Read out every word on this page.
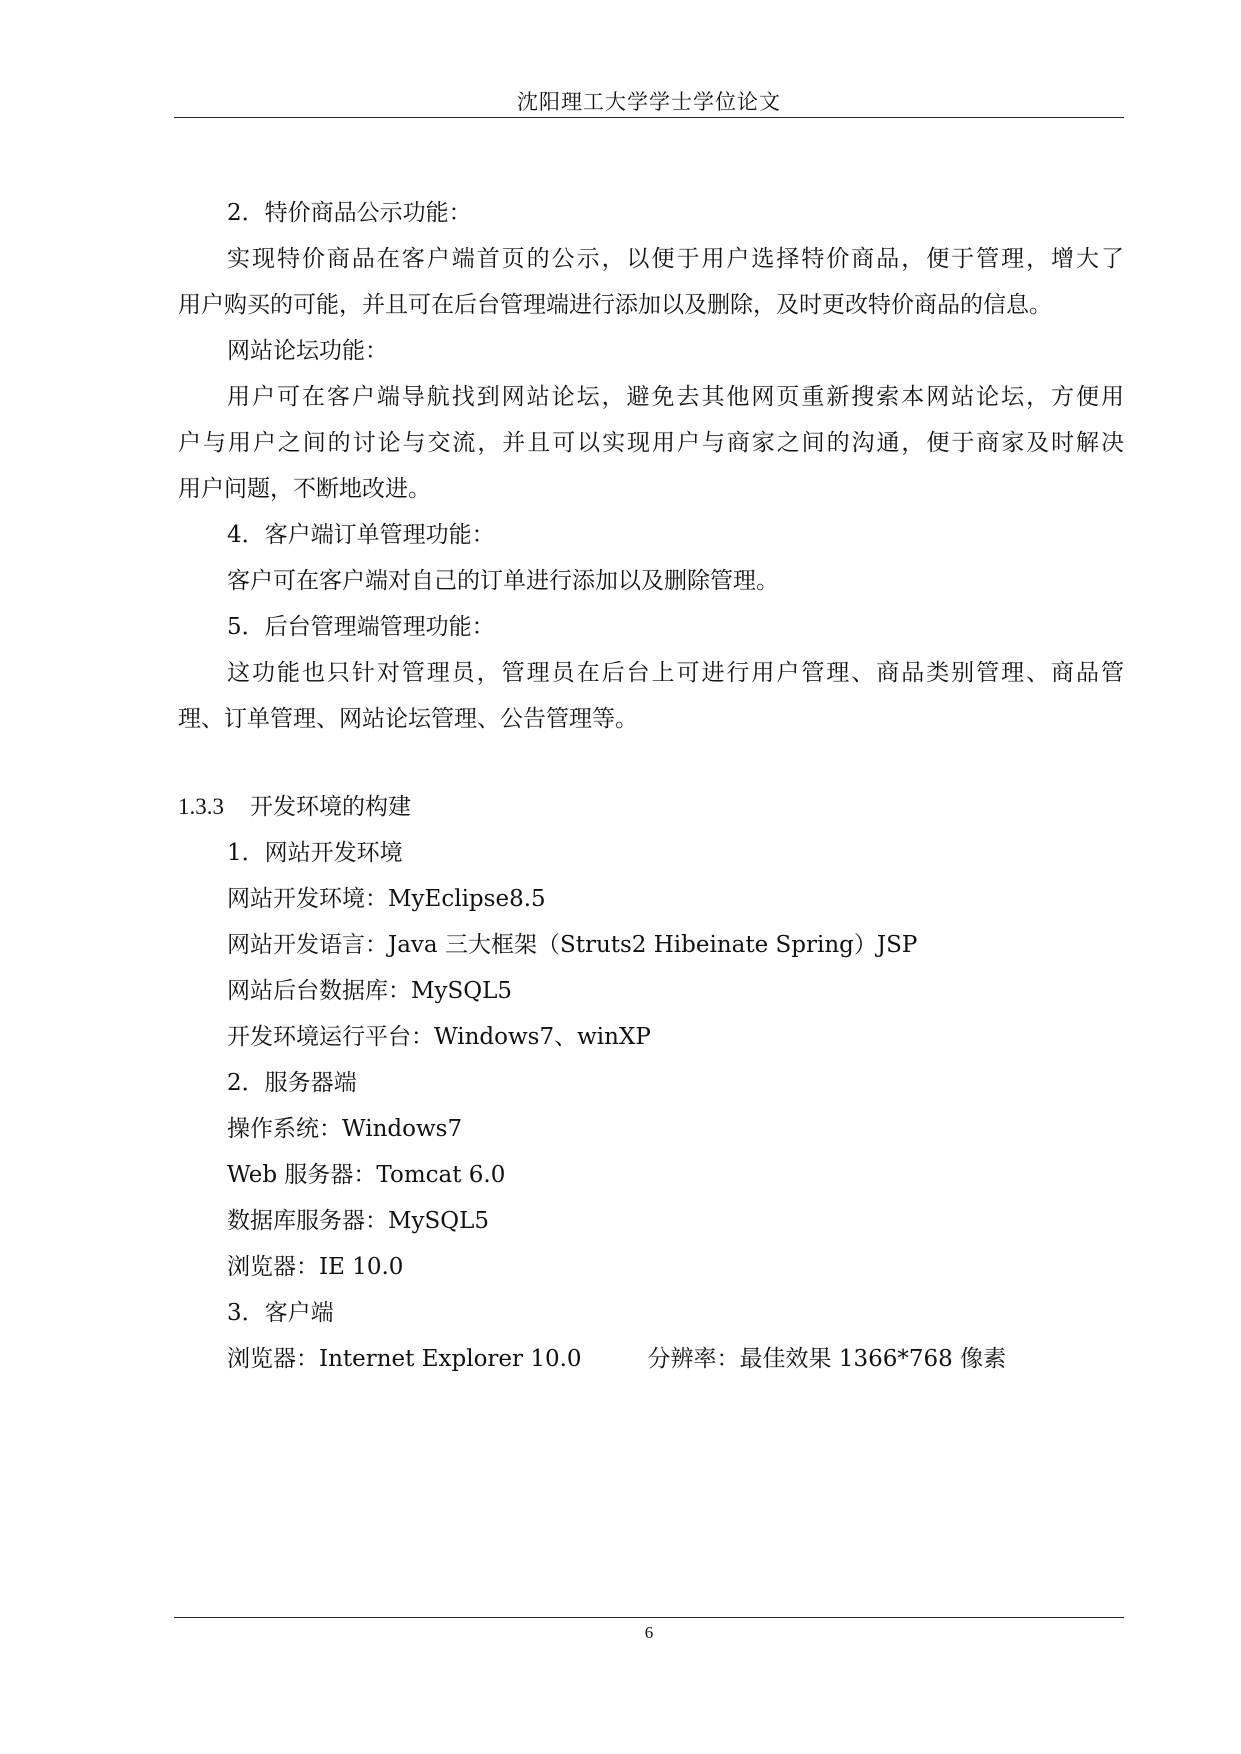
沈阳理工大学学士学位论文
2．特价商品公示功能：
实现特价商品在客户端首页的公示，以便于用户选择特价商品，便于管理，增大了
用户购买的可能，并且可在后台管理端进行添加以及删除，及时更改特价商品的信息。
网站论坛功能：
用户可在客户端导航找到网站论坛，避免去其他网页重新搜索本网站论坛，方便用
户与用户之间的讨论与交流，并且可以实现用户与商家之间的沟通，便于商家及时解决
用户问题，不断地改进。
4．客户端订单管理功能：
客户可在客户端对自己的订单进行添加以及删除管理。
5．后台管理端管理功能：
这功能也只针对管理员，管理员在后台上可进行用户管理、商品类别管理、商品管
理、订单管理、网站论坛管理、公告管理等。
1.3.3 开发环境的构建
1．网站开发环境
网站开发环境：MyEclipse8.5
网站开发语言：Java 三大框架（Struts2 Hibeinate Spring）JSP
网站后台数据库：MySQL5
开发环境运行平台：Windows7、winXP
2．服务器端
操作系统：Windows7
Web 服务器：Tomcat 6.0
数据库服务器：MySQL5
浏览器：IE 10.0
3．客户端
浏览器：Internet Explorer 10.0	分辨率：最佳效果 1366*768 像素
6
